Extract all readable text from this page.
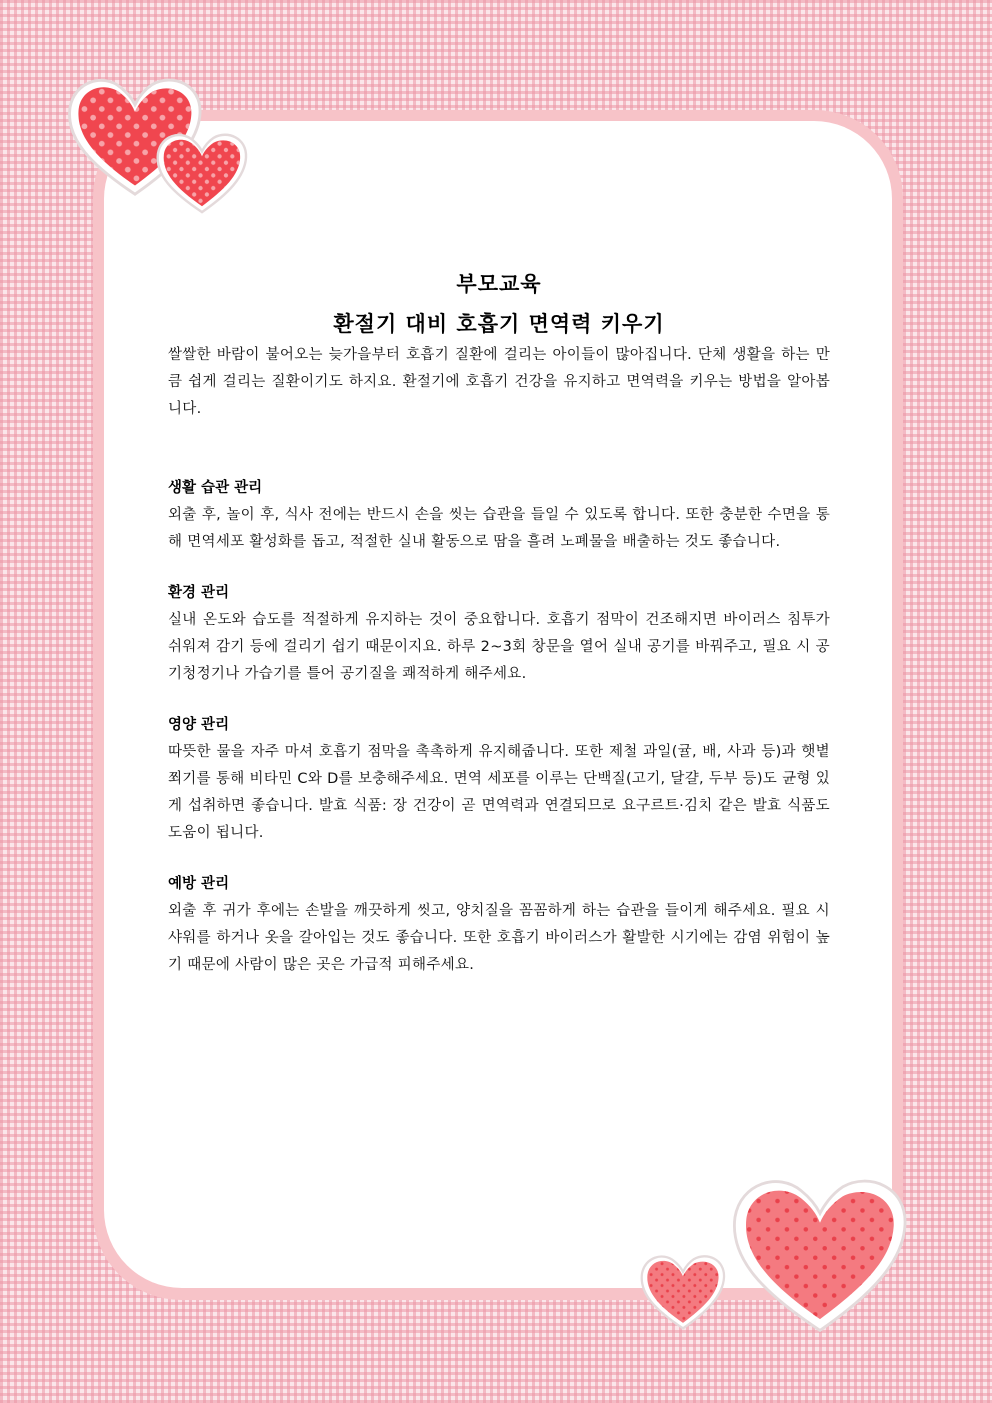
부모교육
환절기 대비 호흡기 면역력 키우기

쌀쌀한 바람이 불어오는 늦가을부터 호흡기 질환에 걸리는 아이들이 많아집니다. 단체 생활을 하는 만큼 쉽게 걸리는 질환이기도 하지요. 환절기에 호흡기 건강을 유지하고 면역력을 키우는 방법을 알아봅니다.

생활 습관 관리

외출 후, 놀이 후, 식사 전에는 반드시 손을 씻는 습관을 들일 수 있도록 합니다. 또한 충분한 수면을 통해 면역세포 활성화를 돕고, 적절한 실내 활동으로 땀을 흘려 노폐물을 배출하는 것도 좋습니다.

환경 관리

실내 온도와 습도를 적절하게 유지하는 것이 중요합니다. 호흡기 점막이 건조해지면 바이러스 침투가 쉬워져 감기 등에 걸리기 쉽기 때문이지요. 하루 2~3회 창문을 열어 실내 공기를 바꿔주고, 필요 시 공기청정기나 가습기를 틀어 공기질을 쾌적하게 해주세요.

영양 관리

따뜻한 물을 자주 마셔 호흡기 점막을 촉촉하게 유지해줍니다. 또한 제철 과일(귤, 배, 사과 등)과 햇볕 쬐기를 통해 비타민 C와 D를 보충해주세요. 면역 세포를 이루는 단백질(고기, 달걀, 두부 등)도 균형 있게 섭취하면 좋습니다. 발효 식품: 장 건강이 곧 면역력과 연결되므로 요구르트·김치 같은 발효 식품도 도움이 됩니다.

예방 관리

외출 후 귀가 후에는 손발을 깨끗하게 씻고, 양치질을 꼼꼼하게 하는 습관을 들이게 해주세요. 필요 시 샤워를 하거나 옷을 갈아입는 것도 좋습니다. 또한 호흡기 바이러스가 활발한 시기에는 감염 위험이 높기 때문에 사람이 많은 곳은 가급적 피해주세요.
